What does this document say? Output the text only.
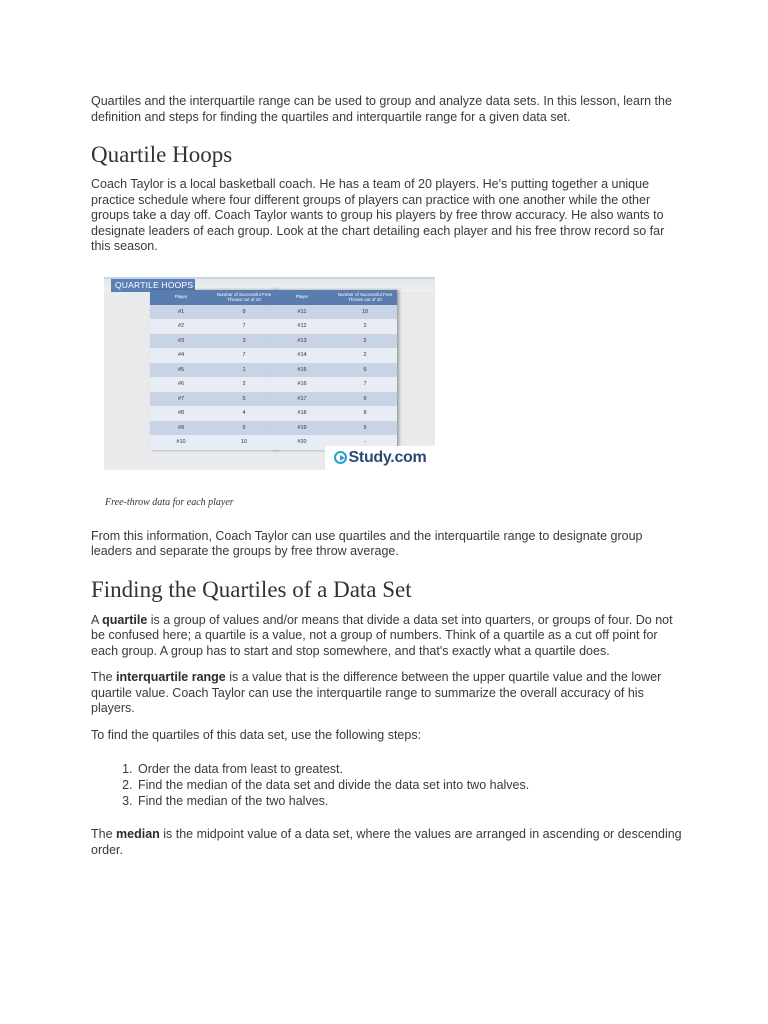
Quartiles and the interquartile range can be used to group and analyze data sets. In this lesson, learn the definition and steps for finding the quartiles and interquartile range for a given data set.

Quartile Hoops

Coach Taylor is a local basketball coach. He has a team of 20 players. He's putting together a unique practice schedule where four different groups of players can practice with one another while the other groups take a day off. Coach Taylor wants to group his players by free throw accuracy. He also wants to designate leaders of each group. Look at the chart detailing each player and his free throw record so far this season.

QUARTILE HOOPS
Player	Number of Successful Free Throws out of 10
#1	9
#2	7
#3	3
#4	7
#5	1
#6	2
#7	5
#8	4
#9	5
#10	10
Player	Number of Successful Free Throws out of 10
#11	10
#12	2
#13	2
#14	2
#15	6
#16	7
#17	9
#18	8
#19	5
#20	-
Study.com

Free-throw data for each player

From this information, Coach Taylor can use quartiles and the interquartile range to designate group leaders and separate the groups by free throw average.

Finding the Quartiles of a Data Set

A quartile is a group of values and/or means that divide a data set into quarters, or groups of four. Do not be confused here; a quartile is a value, not a group of numbers. Think of a quartile as a cut off point for each group. A group has to start and stop somewhere, and that's exactly what a quartile does.

The interquartile range is a value that is the difference between the upper quartile value and the lower quartile value. Coach Taylor can use the interquartile range to summarize the overall accuracy of his players.

To find the quartiles of this data set, use the following steps:

1. Order the data from least to greatest.
2. Find the median of the data set and divide the data set into two halves.
3. Find the median of the two halves.

The median is the midpoint value of a data set, where the values are arranged in ascending or descending order.
